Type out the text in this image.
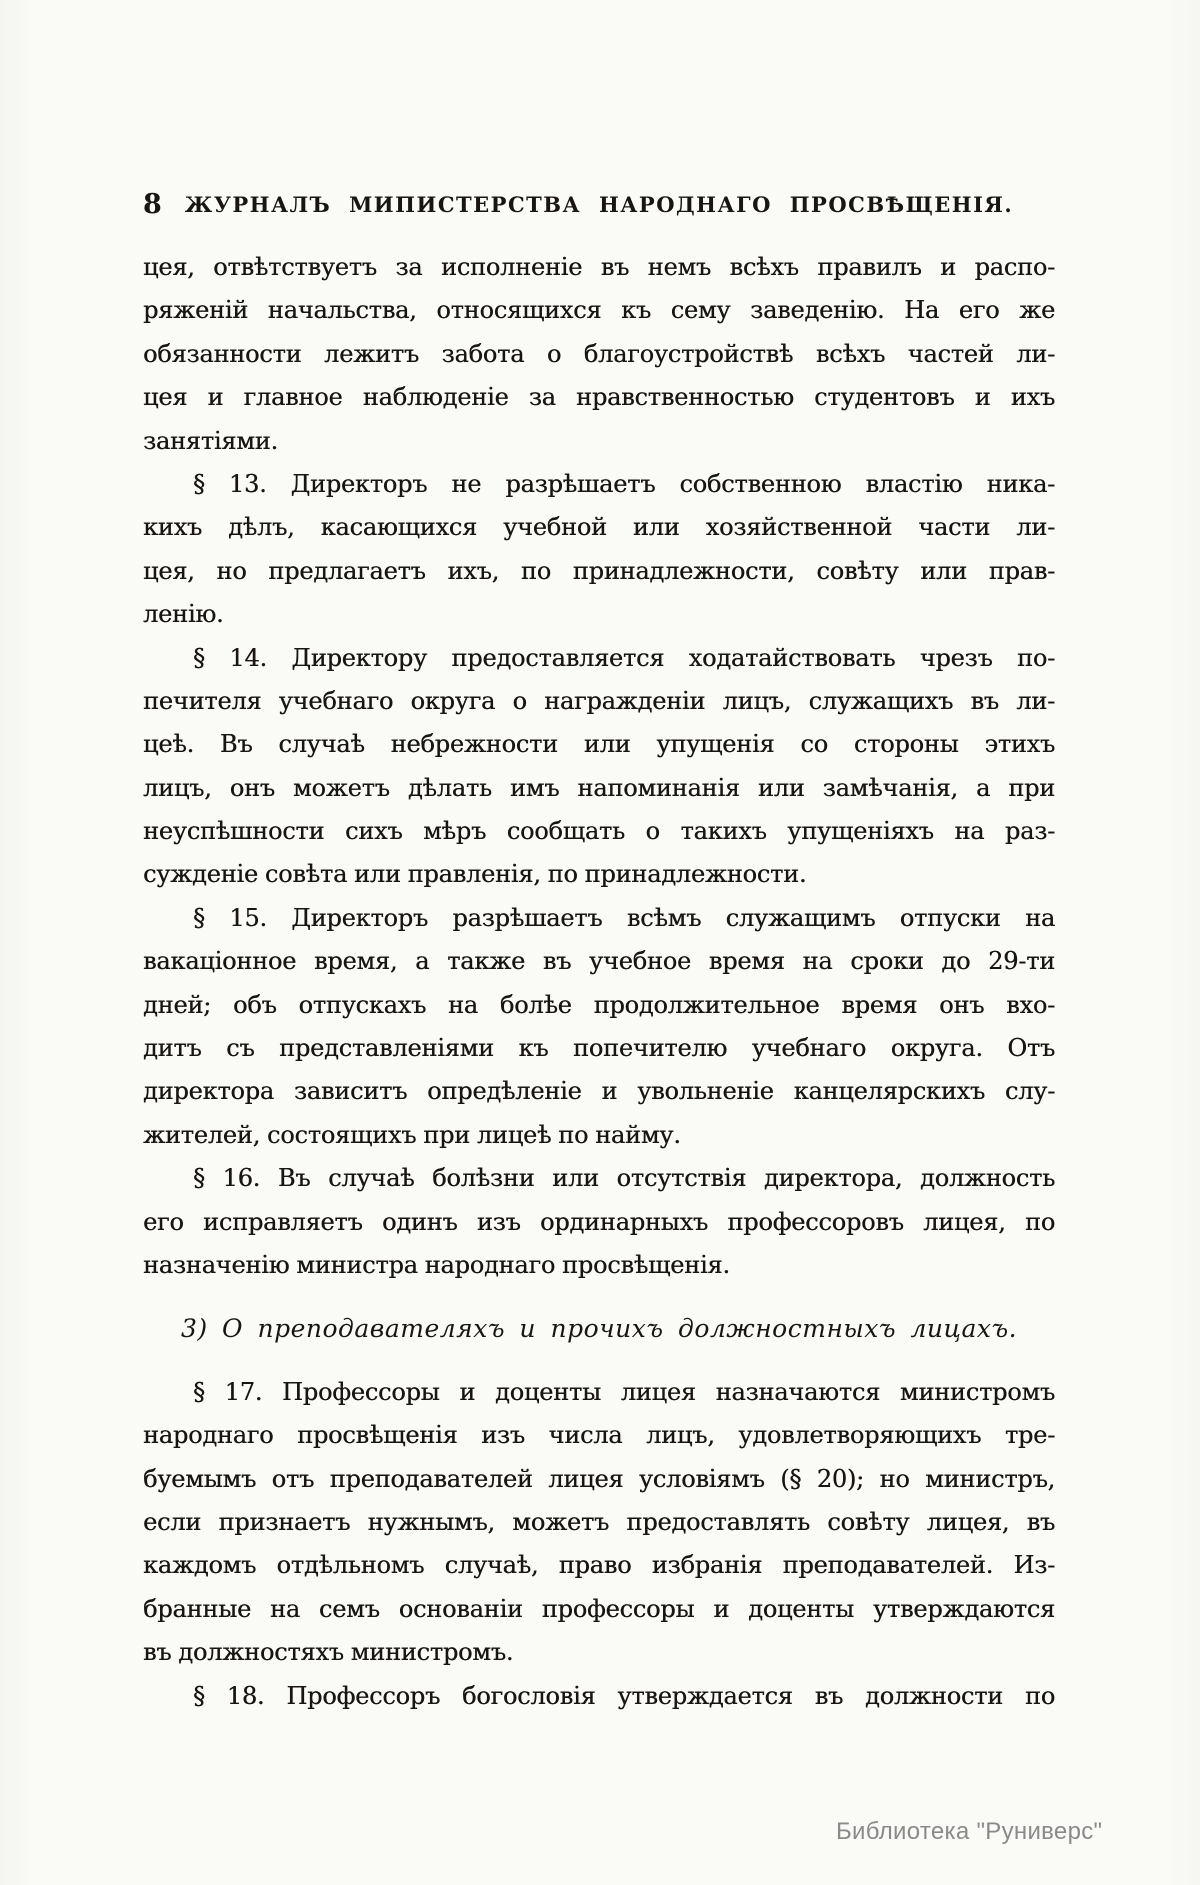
8	ЖУРНАЛЪ МИПИСТЕРСТВА НАРОДНАГО ПРОСВѢЩЕНІЯ.

цея, отвѣтствуетъ за исполненіе въ немъ всѣхъ правилъ и распо-
ряженій начальства, относящихся къ сему заведенію. На его же
обязанности лежитъ забота о благоустройствѣ всѣхъ частей ли-
цея и главное наблюденіе за нравственностью студентовъ и ихъ
занятіями.

§ 13. Директоръ не разрѣшаетъ собственною властію ника-
кихъ дѣлъ, касающихся учебной или хозяйственной части ли-
цея, но предлагаетъ ихъ, по принадлежности, совѣту или прав-
ленію.

§ 14. Директору предоставляется ходатайствовать чрезъ по-
печителя учебнаго округа о награжденіи лицъ, служащихъ въ ли-
цеѣ. Въ случаѣ небрежности или упущенія со стороны этихъ
лицъ, онъ можетъ дѣлать имъ напоминанія или замѣчанія, а при
неуспѣшности сихъ мѣръ сообщать о такихъ упущеніяхъ на раз-
сужденіе совѣта или правленія, по принадлежности.

§ 15. Директоръ разрѣшаетъ всѣмъ служащимъ отпуски на
вакаціонное время, а также въ учебное время на сроки до 29-ти
дней; объ отпускахъ на болѣе продолжительное время онъ вхо-
дитъ съ представленіями къ попечителю учебнаго округа. Отъ
директора зависитъ опредѣленіе и увольненіе канцелярскихъ слу-
жителей, состоящихъ при лицеѣ по найму.

§ 16. Въ случаѣ болѣзни или отсутствія директора, должность
его исправляетъ одинъ изъ ординарныхъ профессоровъ лицея, по
назначенію министра народнаго просвѣщенія.

3) О преподавателяхъ и прочихъ должностныхъ лицахъ.

§ 17. Профессоры и доценты лицея назначаются министромъ
народнаго просвѣщенія изъ числа лицъ, удовлетворяющихъ тре-
буемымъ отъ преподавателей лицея условіямъ (§ 20); но министръ,
если признаетъ нужнымъ, можетъ предоставлять совѣту лицея, въ
каждомъ отдѣльномъ случаѣ, право избранія преподавателей. Из-
бранные на семъ основаніи профессоры и доценты утверждаются
въ должностяхъ министромъ.

§ 18. Профессоръ богословія утверждается въ должности по

Библиотека "Руниверс"
